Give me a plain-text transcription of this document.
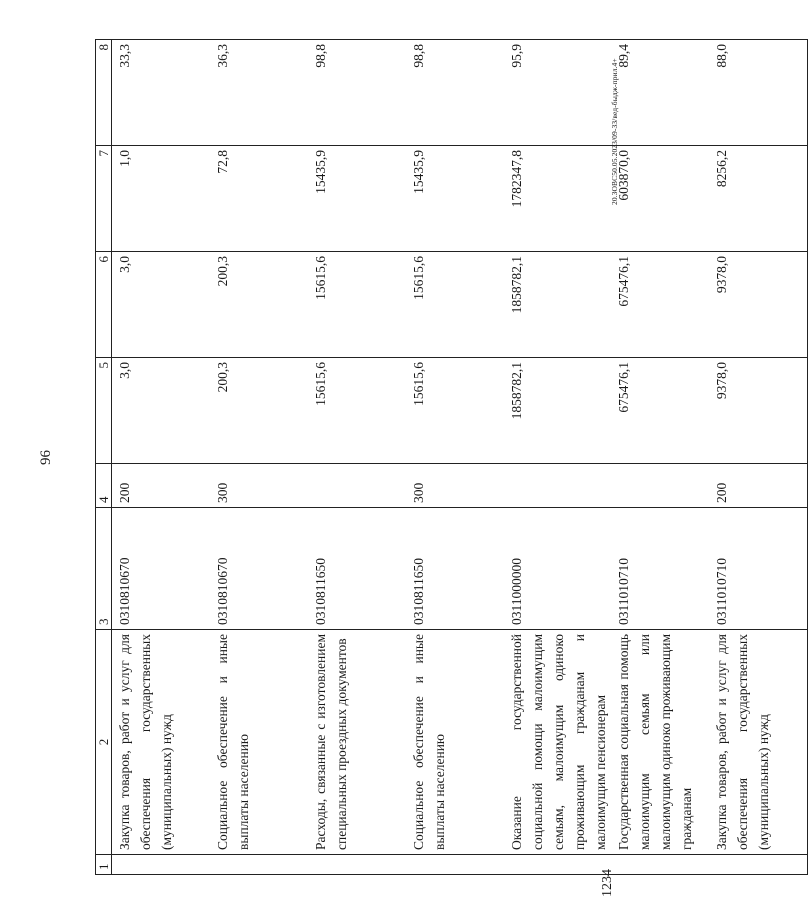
96
1	2	3	4	5	6	7	8
	Закупка товаров, работ и услуг для обеспечения государственных (муниципальных) нужд	0310810670	200	3,0	3,0	1,0	33,3
	Социальное обеспечение и иные выплаты населению	0310810670	300	200,3	200,3	72,8	36,3
	Расходы, связанные с изготовлением специальных проездных документов	0310811650		15615,6	15615,6	15435,9	98,8
	Социальное обеспечение и иные выплаты населению	0310811650	300	15615,6	15615,6	15435,9	98,8
	Оказание государственной социальной помощи малоимущим семьям, малоимущим одиноко проживающим гражданам и малоимущим пенсионерам	0311000000		1858782,1	1858782,1	1782347,8	95,9
	Государственная социальная помощь малоимущим семьям или малоимущим одиноко проживающим гражданам	0311010710		675476,1	675476,1	603870,0	89,4
	Закупка товаров, работ и услуг для обеспечения государственных (муниципальных) нужд	0311010710	200	9378,0	9378,0	8256,2	88,0
20.3ОВС50.05.2023/09-33/вед-быдж-прил.4+
1234
